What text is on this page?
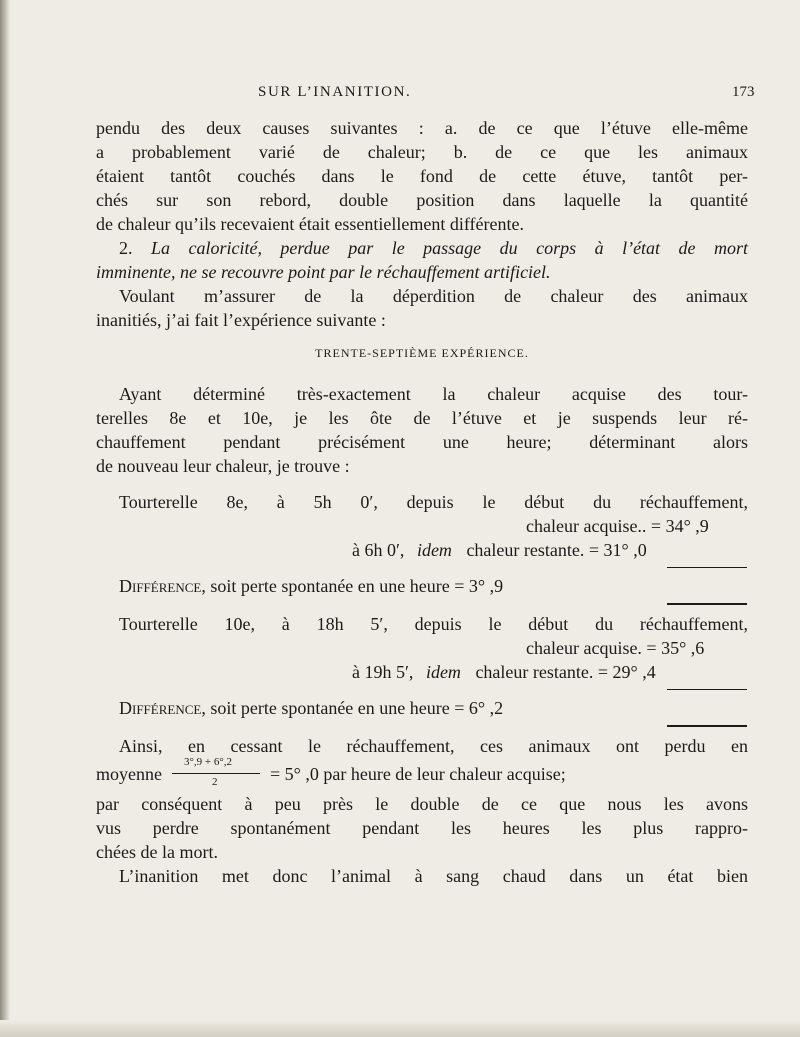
SUR L’INANITION.	173
pendu des deux causes suivantes : a. de ce que l’étuve elle-même
a probablement varié de chaleur; b. de ce que les animaux
étaient tantôt couchés dans le fond de cette étuve, tantôt per-
chés sur son rebord, double position dans laquelle la quantité
de chaleur qu’ils recevaient était essentiellement différente.
2. La caloricité, perdue par le passage du corps à l’état de mort
imminente, ne se recouvre point par le réchauffement artificiel.
Voulant m’assurer de la déperdition de chaleur des animaux
inanitiés, j’ai fait l’expérience suivante :
TRENTE-SEPTIÈME EXPÉRIENCE.
Ayant déterminé très-exactement la chaleur acquise des tour-
terelles 8e et 10e, je les ôte de l’étuve et je suspends leur ré-
chauffement pendant précisément une heure; déterminant alors
de nouveau leur chaleur, je trouve :
Tourterelle 8e, à 5h 0′, depuis le début du réchauffement,
chaleur acquise.. = 34° ,9
à 6h 0′, idem chaleur restante. = 31° ,0
Différence, soit perte spontanée en une heure = 3° ,9
Tourterelle 10e, à 18h 5′, depuis le début du réchauffement,
chaleur acquise. = 35° ,6
à 19h 5′, idem chaleur restante. = 29° ,4
Différence, soit perte spontanée en une heure = 6° ,2
Ainsi, en cessant le réchauffement, ces animaux ont perdu en
moyenne
3°,9 + 6°,2
2	= 5° ,0 par heure de leur chaleur acquise;
par conséquent à peu près le double de ce que nous les avons
vus perdre spontanément pendant les heures les plus rappro-
chées de la mort.
L’inanition met donc l’animal à sang chaud dans un état bien
